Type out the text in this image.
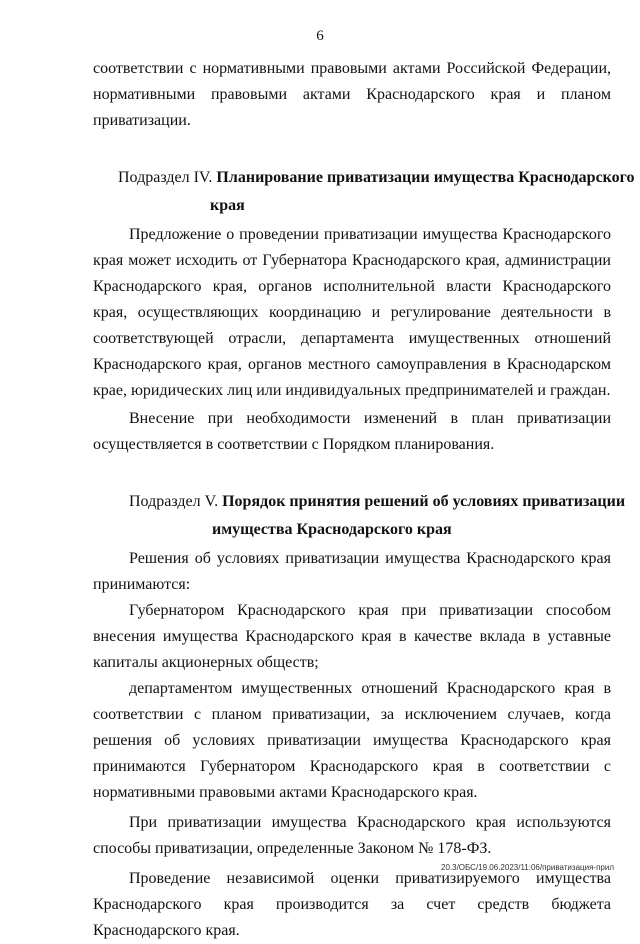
6

соответствии с нормативными правовыми актами Российской Федерации, нормативными правовыми актами Краснодарского края и планом приватизации.

Подраздел IV. Планирование приватизации имущества Краснодарского
края

Предложение о проведении приватизации имущества Краснодарского края может исходить от Губернатора Краснодарского края, администрации Краснодарского края, органов исполнительной власти Краснодарского края, осуществляющих координацию и регулирование деятельности в соответствующей отрасли, департамента имущественных отношений Краснодарского края, органов местного самоуправления в Краснодарском крае, юридических лиц или индивидуальных предпринимателей и граждан.

Внесение при необходимости изменений в план приватизации осуществляется в соответствии с Порядком планирования.

Подраздел V. Порядок принятия решений об условиях приватизации
имущества Краснодарского края

Решения об условиях приватизации имущества Краснодарского края принимаются:

Губернатором Краснодарского края при приватизации способом внесения имущества Краснодарского края в качестве вклада в уставные капиталы акционерных обществ;

департаментом имущественных отношений Краснодарского края в соответствии с планом приватизации, за исключением случаев, когда решения об условиях приватизации имущества Краснодарского края принимаются Губернатором Краснодарского края в соответствии с нормативными правовыми актами Краснодарского края.

При приватизации имущества Краснодарского края используются способы приватизации, определенные Законом № 178-ФЗ.

Проведение независимой оценки приватизируемого имущества Краснодарского края производится за счет средств бюджета Краснодарского края.

20.3/ОБС/19.06.2023/11:06/приватизация-прил
